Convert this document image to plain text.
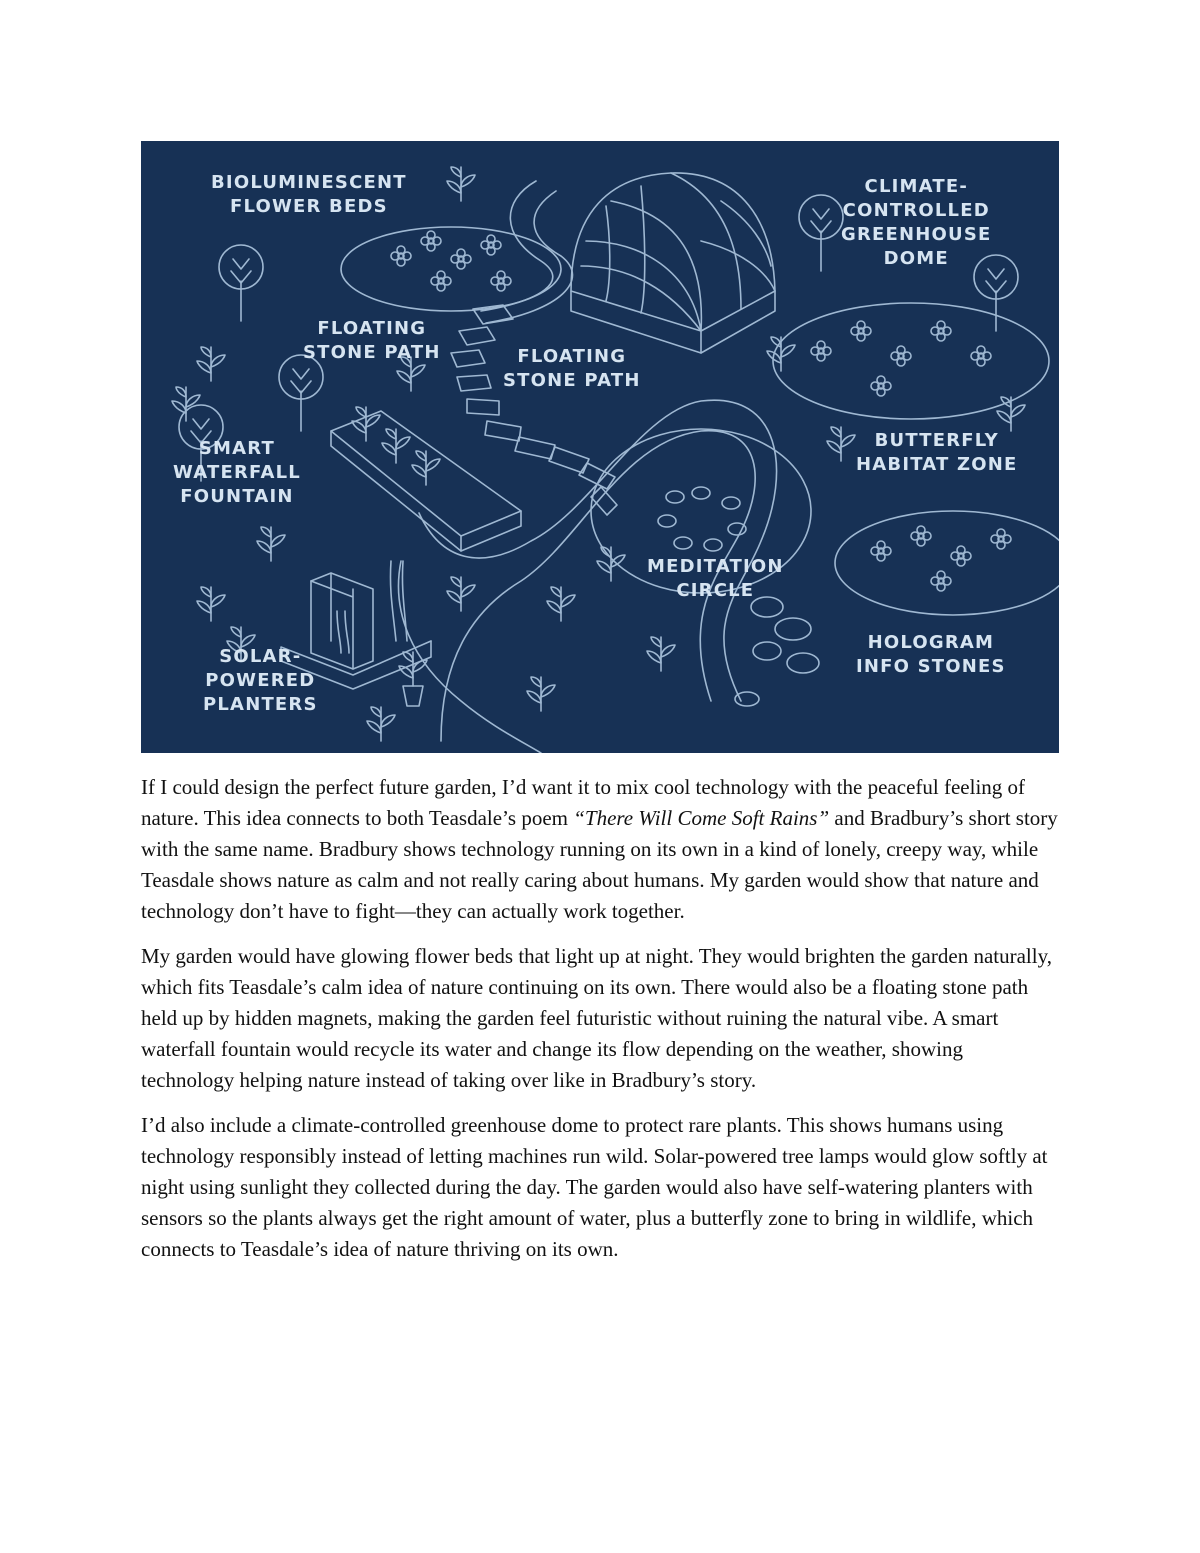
BIOLUMINESCENT
FLOWER BEDS
CLIMATE-
CONTROLLED
GREENHOUSE
DOME
FLOATING
STONE PATH	FLOATING
STONE PATH
SMART
WATERFALL
FOUNTAIN
BUTTERFLY
HABITAT ZONE
MEDITATION
CIRCLE
SOLAR-
POWERED
PLANTERS
HOLOGRAM
INFO STONES

If I could design the perfect future garden, I’d want it to mix cool technology with the peaceful feeling of nature. This idea connects to both Teasdale’s poem “There Will Come Soft Rains” and Bradbury’s short story with the same name. Bradbury shows technology running on its own in a kind of lonely, creepy way, while Teasdale shows nature as calm and not really caring about humans. My garden would show that nature and technology don’t have to fight—they can actually work together.

My garden would have glowing flower beds that light up at night. They would brighten the garden naturally, which fits Teasdale’s calm idea of nature continuing on its own. There would also be a floating stone path held up by hidden magnets, making the garden feel futuristic without ruining the natural vibe. A smart waterfall fountain would recycle its water and change its flow depending on the weather, showing technology helping nature instead of taking over like in Bradbury’s story.

I’d also include a climate-controlled greenhouse dome to protect rare plants. This shows humans using technology responsibly instead of letting machines run wild. Solar-powered tree lamps would glow softly at night using sunlight they collected during the day. The garden would also have self-watering planters with sensors so the plants always get the right amount of water, plus a butterfly zone to bring in wildlife, which connects to Teasdale’s idea of nature thriving on its own.
